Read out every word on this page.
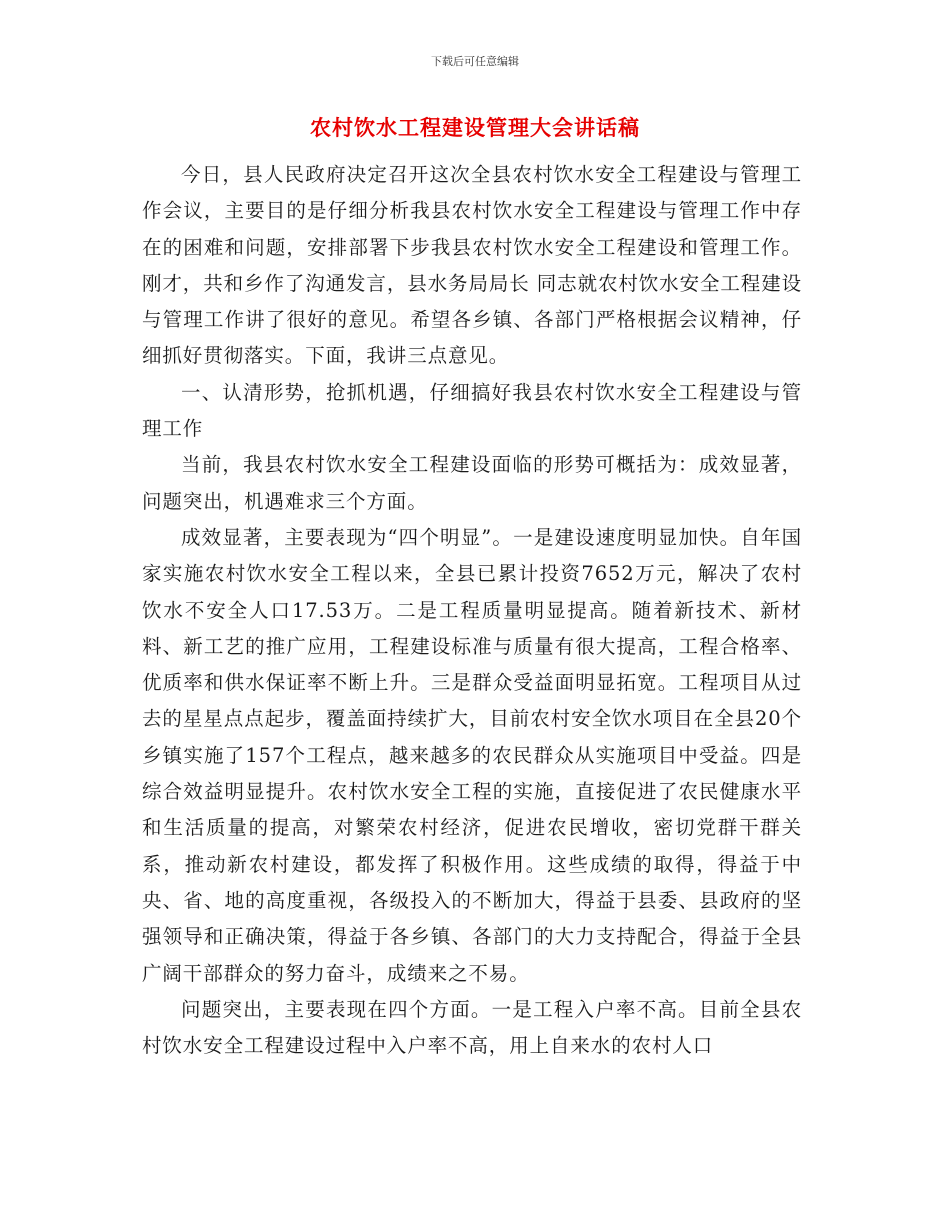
下载后可任意编辑
农村饮水工程建设管理大会讲话稿

今日，县人民政府决定召开这次全县农村饮水安全工程建设与管理工作会议，主要目的是仔细分析我县农村饮水安全工程建设与管理工作中存在的困难和问题，安排部署下步我县农村饮水安全工程建设和管理工作。刚才，共和乡作了沟通发言，县水务局局长 同志就农村饮水安全工程建设与管理工作讲了很好的意见。希望各乡镇、各部门严格根据会议精神，仔细抓好贯彻落实。下面，我讲三点意见。

一、认清形势，抢抓机遇，仔细搞好我县农村饮水安全工程建设与管理工作

当前，我县农村饮水安全工程建设面临的形势可概括为：成效显著，问题突出，机遇难求三个方面。

成效显著，主要表现为“四个明显”。一是建设速度明显加快。自年国家实施农村饮水安全工程以来，全县已累计投资7652万元，解决了农村饮水不安全人口17.53万。二是工程质量明显提高。随着新技术、新材料、新工艺的推广应用，工程建设标准与质量有很大提高，工程合格率、优质率和供水保证率不断上升。三是群众受益面明显拓宽。工程项目从过去的星星点点起步，覆盖面持续扩大，目前农村安全饮水项目在全县20个乡镇实施了157个工程点，越来越多的农民群众从实施项目中受益。四是综合效益明显提升。农村饮水安全工程的实施，直接促进了农民健康水平和生活质量的提高，对繁荣农村经济，促进农民增收，密切党群干群关系，推动新农村建设，都发挥了积极作用。这些成绩的取得，得益于中央、省、地的高度重视，各级投入的不断加大，得益于县委、县政府的坚强领导和正确决策，得益于各乡镇、各部门的大力支持配合，得益于全县广阔干部群众的努力奋斗，成绩来之不易。

问题突出，主要表现在四个方面。一是工程入户率不高。目前全县农村饮水安全工程建设过程中入户率不高，用上自来水的农村人口
